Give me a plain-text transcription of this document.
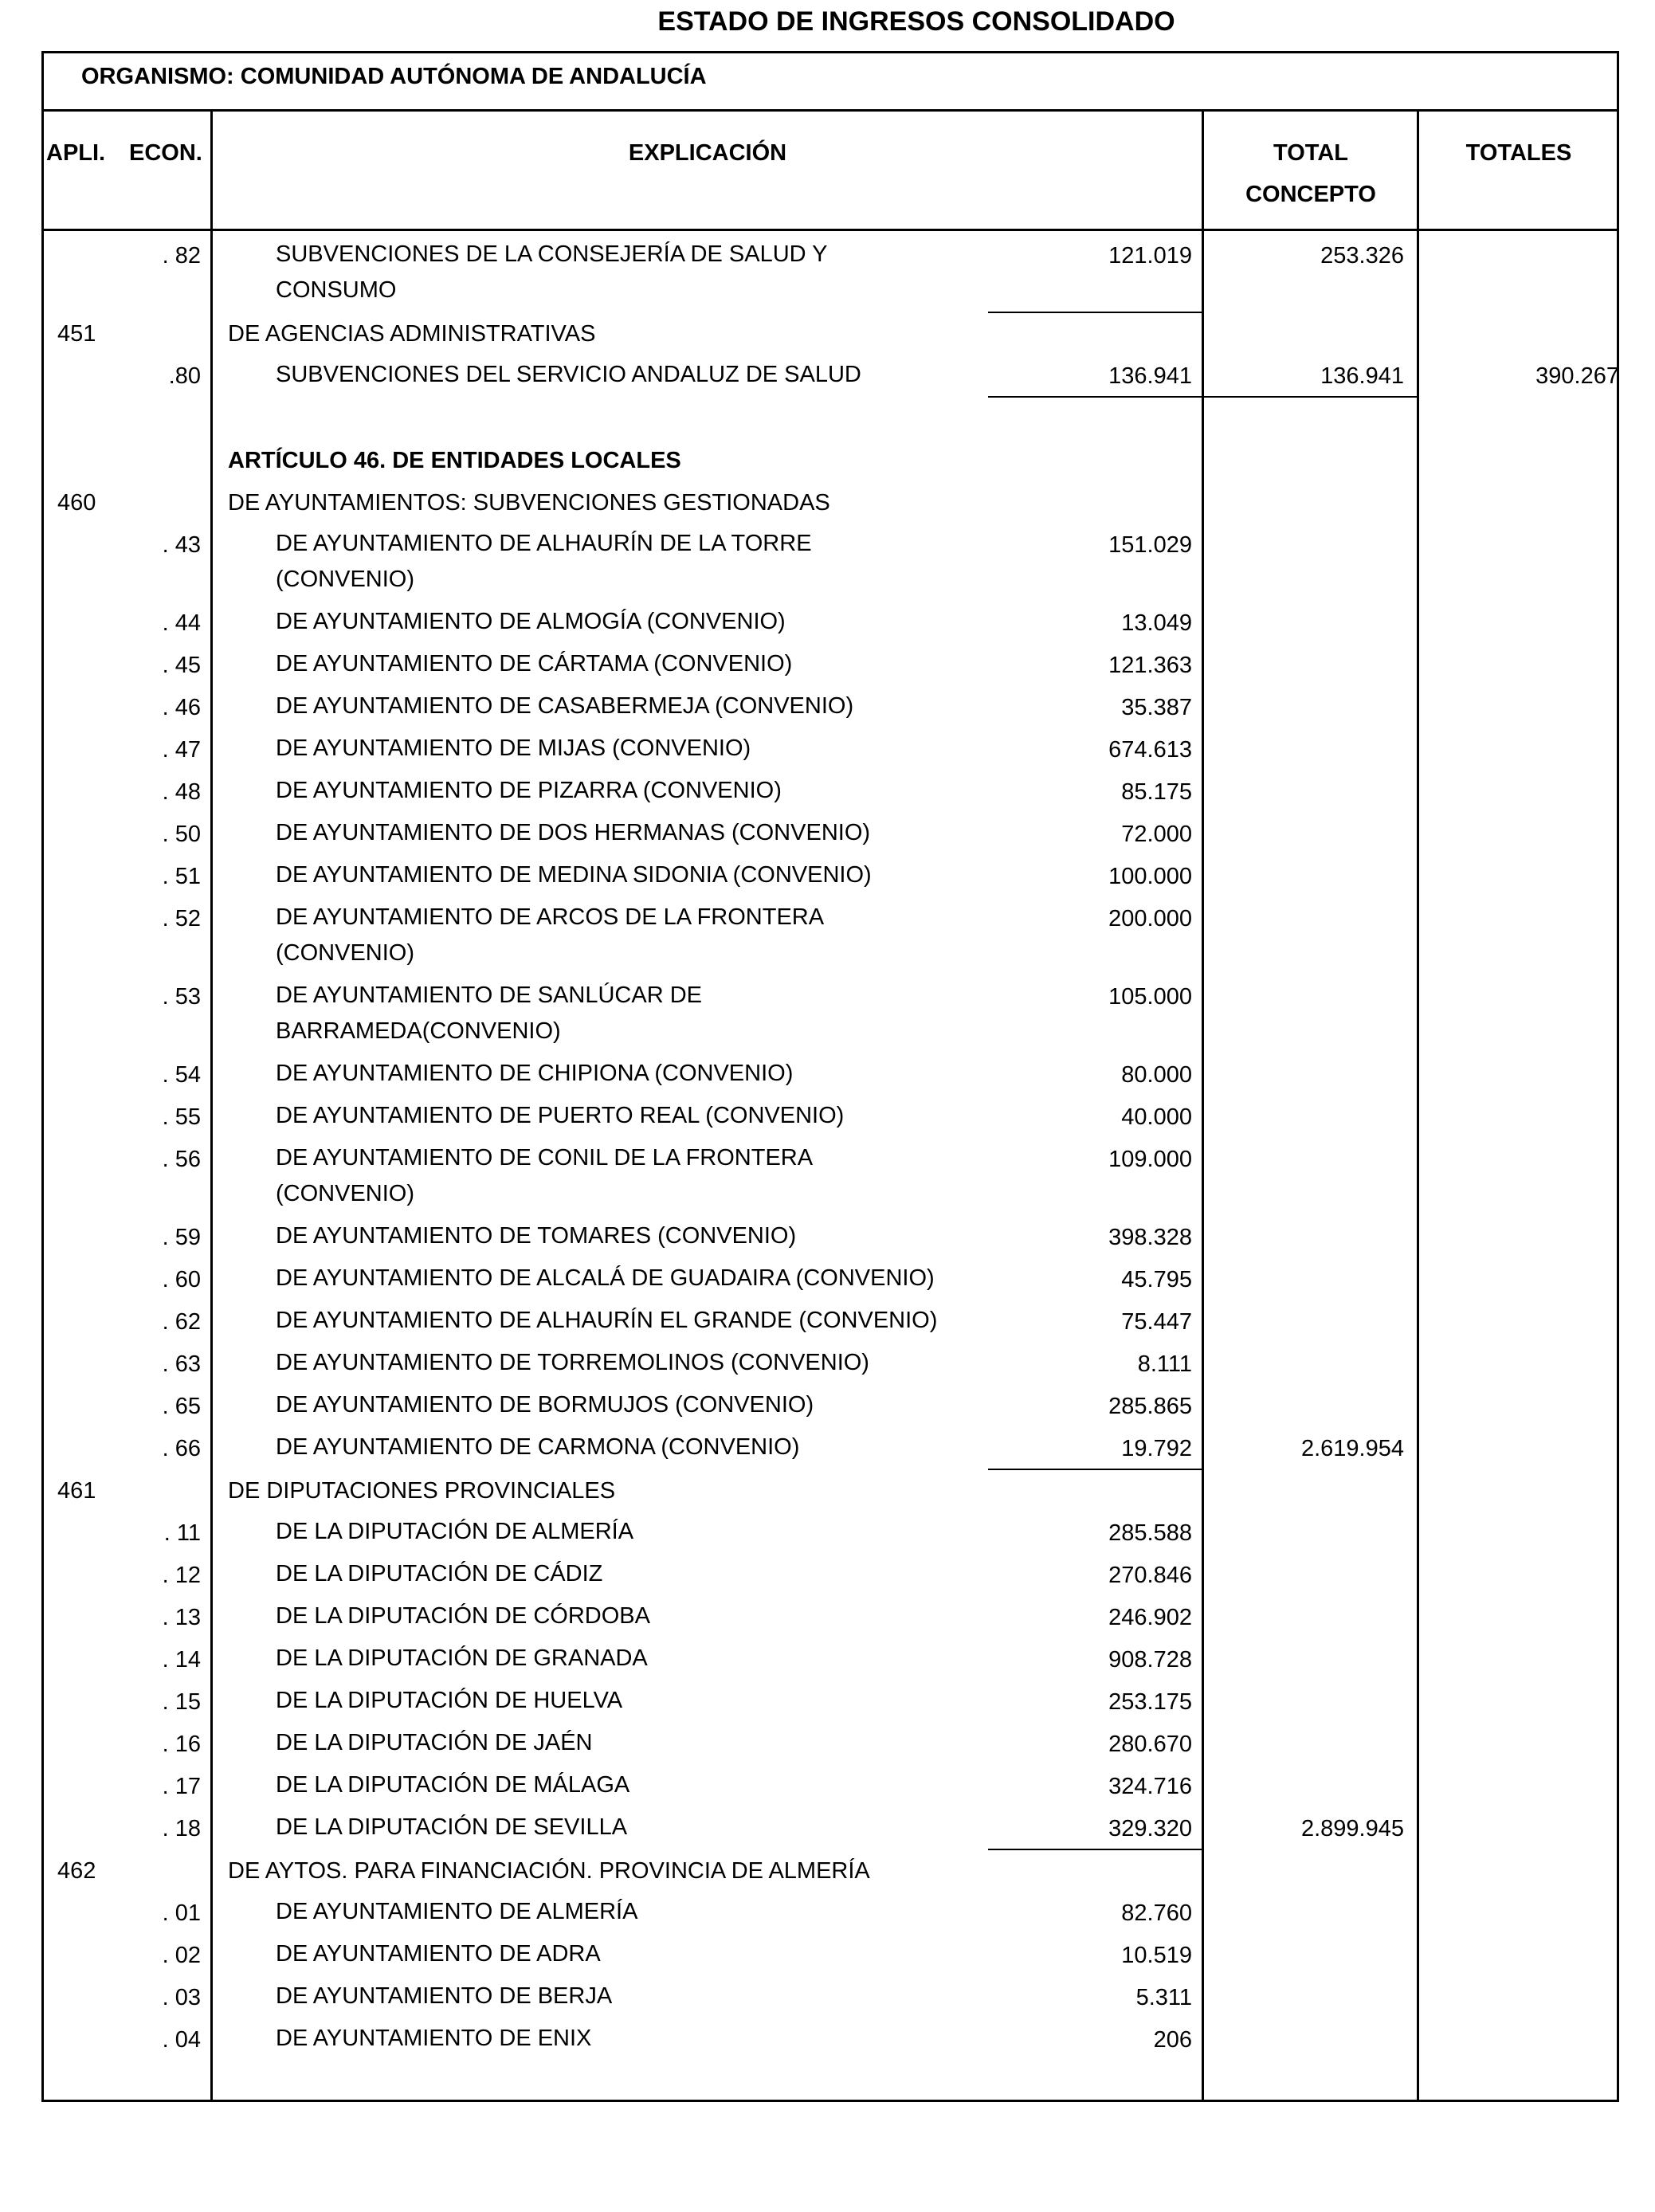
ESTADO DE INGRESOS CONSOLIDADO
ORGANISMO: COMUNIDAD AUTÓNOMA DE ANDALUCÍA
APLI. ECON.	EXPLICACIÓN	TOTAL
CONCEPTO
TOTALES
. 82	SUBVENCIONES DE LA CONSEJERÍA DE SALUD Y
CONSUMO
121.019	253.326
451	DE AGENCIAS ADMINISTRATIVAS
.80	SUBVENCIONES DEL SERVICIO ANDALUZ DE SALUD	136.941	136.941	390.267
ARTÍCULO 46. DE ENTIDADES LOCALES
460	DE AYUNTAMIENTOS: SUBVENCIONES GESTIONADAS
. 43	DE AYUNTAMIENTO DE ALHAURÍN DE LA TORRE
(CONVENIO)
151.029
. 44	DE AYUNTAMIENTO DE ALMOGÍA (CONVENIO)	13.049
. 45	DE AYUNTAMIENTO DE CÁRTAMA (CONVENIO)	121.363
. 46	DE AYUNTAMIENTO DE CASABERMEJA (CONVENIO)	35.387
. 47	DE AYUNTAMIENTO DE MIJAS (CONVENIO)	674.613
. 48	DE AYUNTAMIENTO DE PIZARRA (CONVENIO)	85.175
. 50	DE AYUNTAMIENTO DE DOS HERMANAS (CONVENIO)	72.000
. 51	DE AYUNTAMIENTO DE MEDINA SIDONIA (CONVENIO)	100.000
. 52	DE AYUNTAMIENTO DE ARCOS DE LA FRONTERA
(CONVENIO)
200.000
. 53	DE AYUNTAMIENTO DE SANLÚCAR DE
BARRAMEDA(CONVENIO)
105.000
. 54	DE AYUNTAMIENTO DE CHIPIONA (CONVENIO)	80.000
. 55	DE AYUNTAMIENTO DE PUERTO REAL (CONVENIO)	40.000
. 56	DE AYUNTAMIENTO DE CONIL DE LA FRONTERA
(CONVENIO)
109.000
. 59	DE AYUNTAMIENTO DE TOMARES (CONVENIO)	398.328
. 60	DE AYUNTAMIENTO DE ALCALÁ DE GUADAIRA (CONVENIO)	45.795
. 62	DE AYUNTAMIENTO DE ALHAURÍN EL GRANDE (CONVENIO)	75.447
. 63	DE AYUNTAMIENTO DE TORREMOLINOS (CONVENIO)	8.111
. 65	DE AYUNTAMIENTO DE BORMUJOS (CONVENIO)	285.865
. 66	DE AYUNTAMIENTO DE CARMONA (CONVENIO)	19.792	2.619.954
461	DE DIPUTACIONES PROVINCIALES
. 11	DE LA DIPUTACIÓN DE ALMERÍA	285.588
. 12	DE LA DIPUTACIÓN DE CÁDIZ	270.846
. 13	DE LA DIPUTACIÓN DE CÓRDOBA	246.902
. 14	DE LA DIPUTACIÓN DE GRANADA	908.728
. 15	DE LA DIPUTACIÓN DE HUELVA	253.175
. 16	DE LA DIPUTACIÓN DE JAÉN	280.670
. 17	DE LA DIPUTACIÓN DE MÁLAGA	324.716
. 18	DE LA DIPUTACIÓN DE SEVILLA	329.320	2.899.945
462	DE AYTOS. PARA FINANCIACIÓN. PROVINCIA DE ALMERÍA
. 01	DE AYUNTAMIENTO DE ALMERÍA	82.760
. 02	DE AYUNTAMIENTO DE ADRA	10.519
. 03	DE AYUNTAMIENTO DE BERJA	5.311
. 04	DE AYUNTAMIENTO DE ENIX	206
